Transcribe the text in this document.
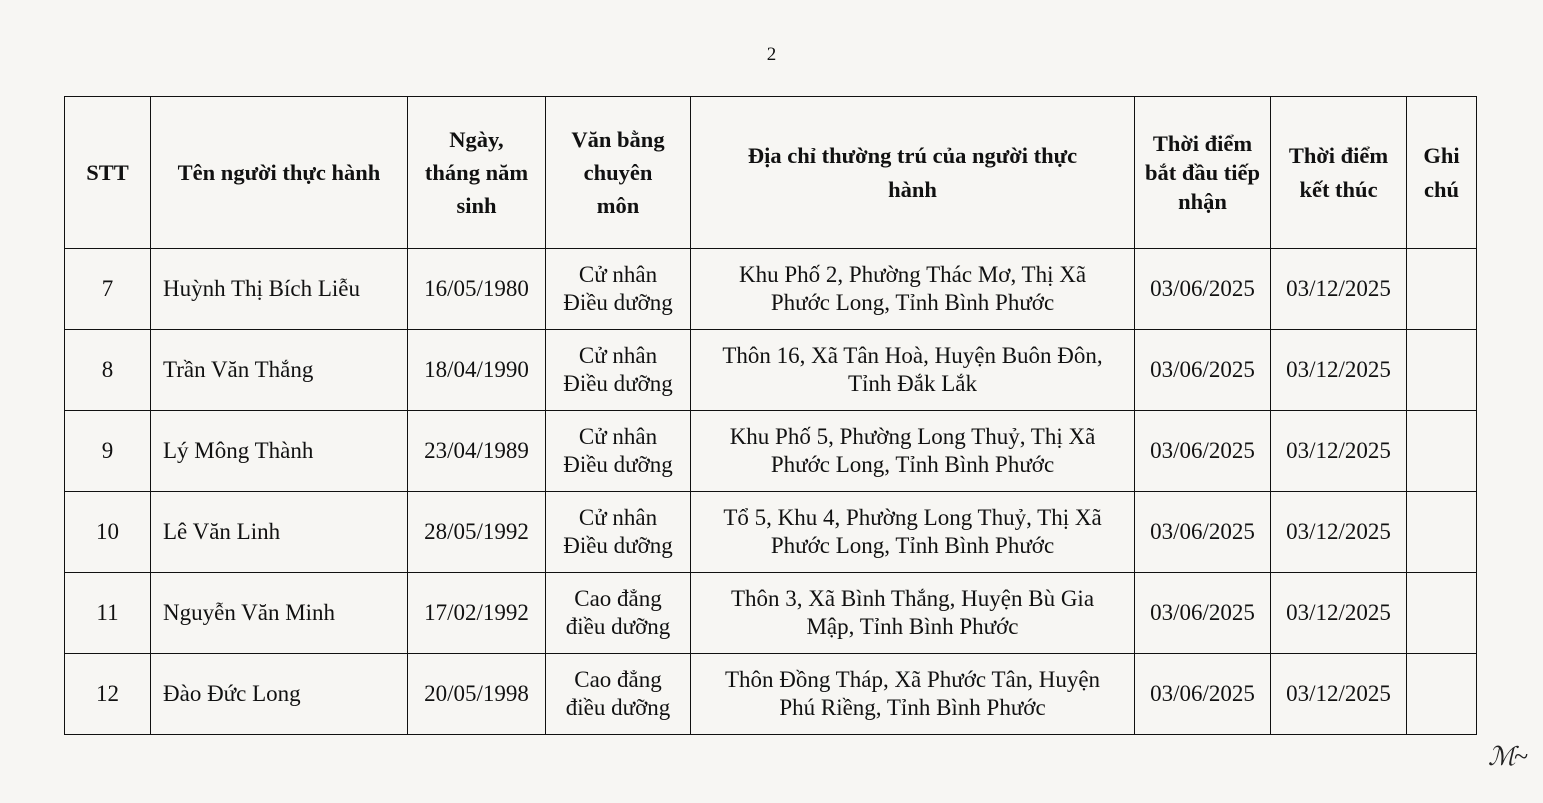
2
STT	Tên người thực hành	Ngày, tháng năm sinh	Văn bằng chuyên môn	Địa chỉ thường trú của người thực hành	Thời điểm bắt đầu tiếp nhận	Thời điểm kết thúc	Ghi chú
7	Huỳnh Thị Bích Liễu	16/05/1980	Cử nhân Điều dưỡng	Khu Phố 2, Phường Thác Mơ, Thị Xã Phước Long, Tỉnh Bình Phước	03/06/2025	03/12/2025	
8	Trần Văn Thắng	18/04/1990	Cử nhân Điều dưỡng	Thôn 16, Xã Tân Hoà, Huyện Buôn Đôn, Tỉnh Đắk Lắk	03/06/2025	03/12/2025	
9	Lý Mông Thành	23/04/1989	Cử nhân Điều dưỡng	Khu Phố 5, Phường Long Thuỷ, Thị Xã Phước Long, Tỉnh Bình Phước	03/06/2025	03/12/2025	
10	Lê Văn Linh	28/05/1992	Cử nhân Điều dưỡng	Tổ 5, Khu 4, Phường Long Thuỷ, Thị Xã Phước Long, Tỉnh Bình Phước	03/06/2025	03/12/2025	
11	Nguyễn Văn Minh	17/02/1992	Cao đẳng điều dưỡng	Thôn 3, Xã Bình Thắng, Huyện Bù Gia Mập, Tỉnh Bình Phước	03/06/2025	03/12/2025	
12	Đào Đức Long	20/05/1998	Cao đẳng điều dưỡng	Thôn Đồng Tháp, Xã Phước Tân, Huyện Phú Riềng, Tỉnh Bình Phước	03/06/2025	03/12/2025	
ℳ~
